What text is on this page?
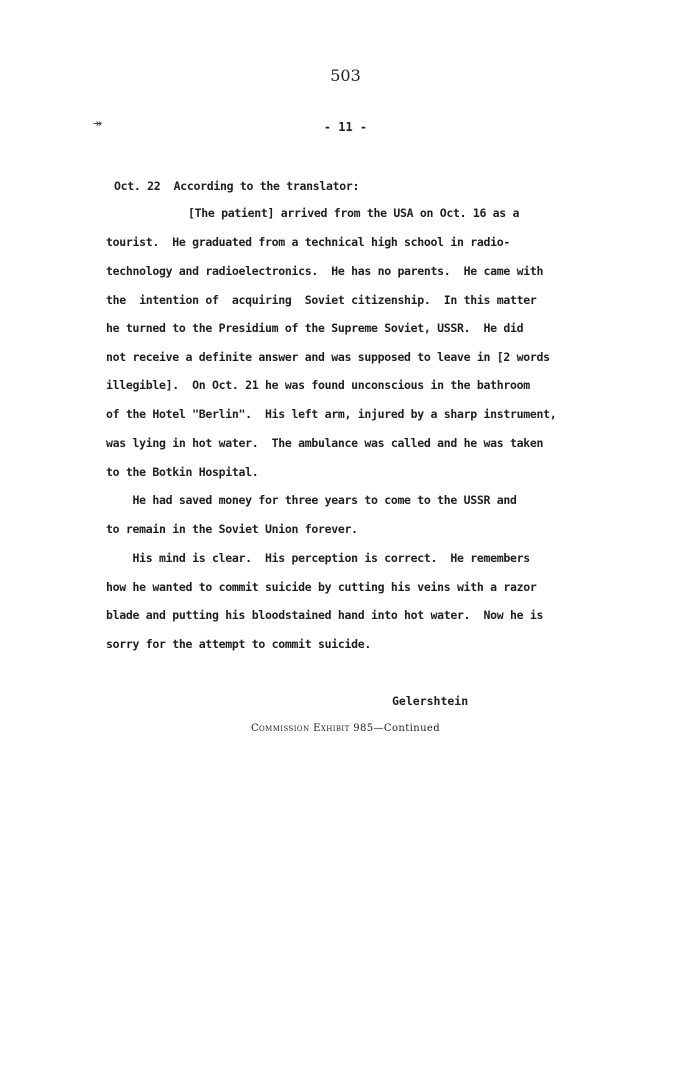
503
↠	- 11 -

Oct. 22  According to the translator:

[The patient] arrived from the USA on Oct. 16 as a

tourist.  He graduated from a technical high school in radio-

technology and radioelectronics.  He has no parents.  He came with

the  intention of  acquiring  Soviet citizenship.  In this matter

he turned to the Presidium of the Supreme Soviet, USSR.  He did

not receive a definite answer and was supposed to leave in [2 words

illegible].  On Oct. 21 he was found unconscious in the bathroom

of the Hotel "Berlin".  His left arm, injured by a sharp instrument,

was lying in hot water.  The ambulance was called and he was taken

to the Botkin Hospital.

He had saved money for three years to come to the USSR and

to remain in the Soviet Union forever.

His mind is clear.  His perception is correct.  He remembers

how he wanted to commit suicide by cutting his veins with a razor

blade and putting his bloodstained hand into hot water.  Now he is

sorry for the attempt to commit suicide.

Gelershtein

Commission Exhibit 985—Continued
